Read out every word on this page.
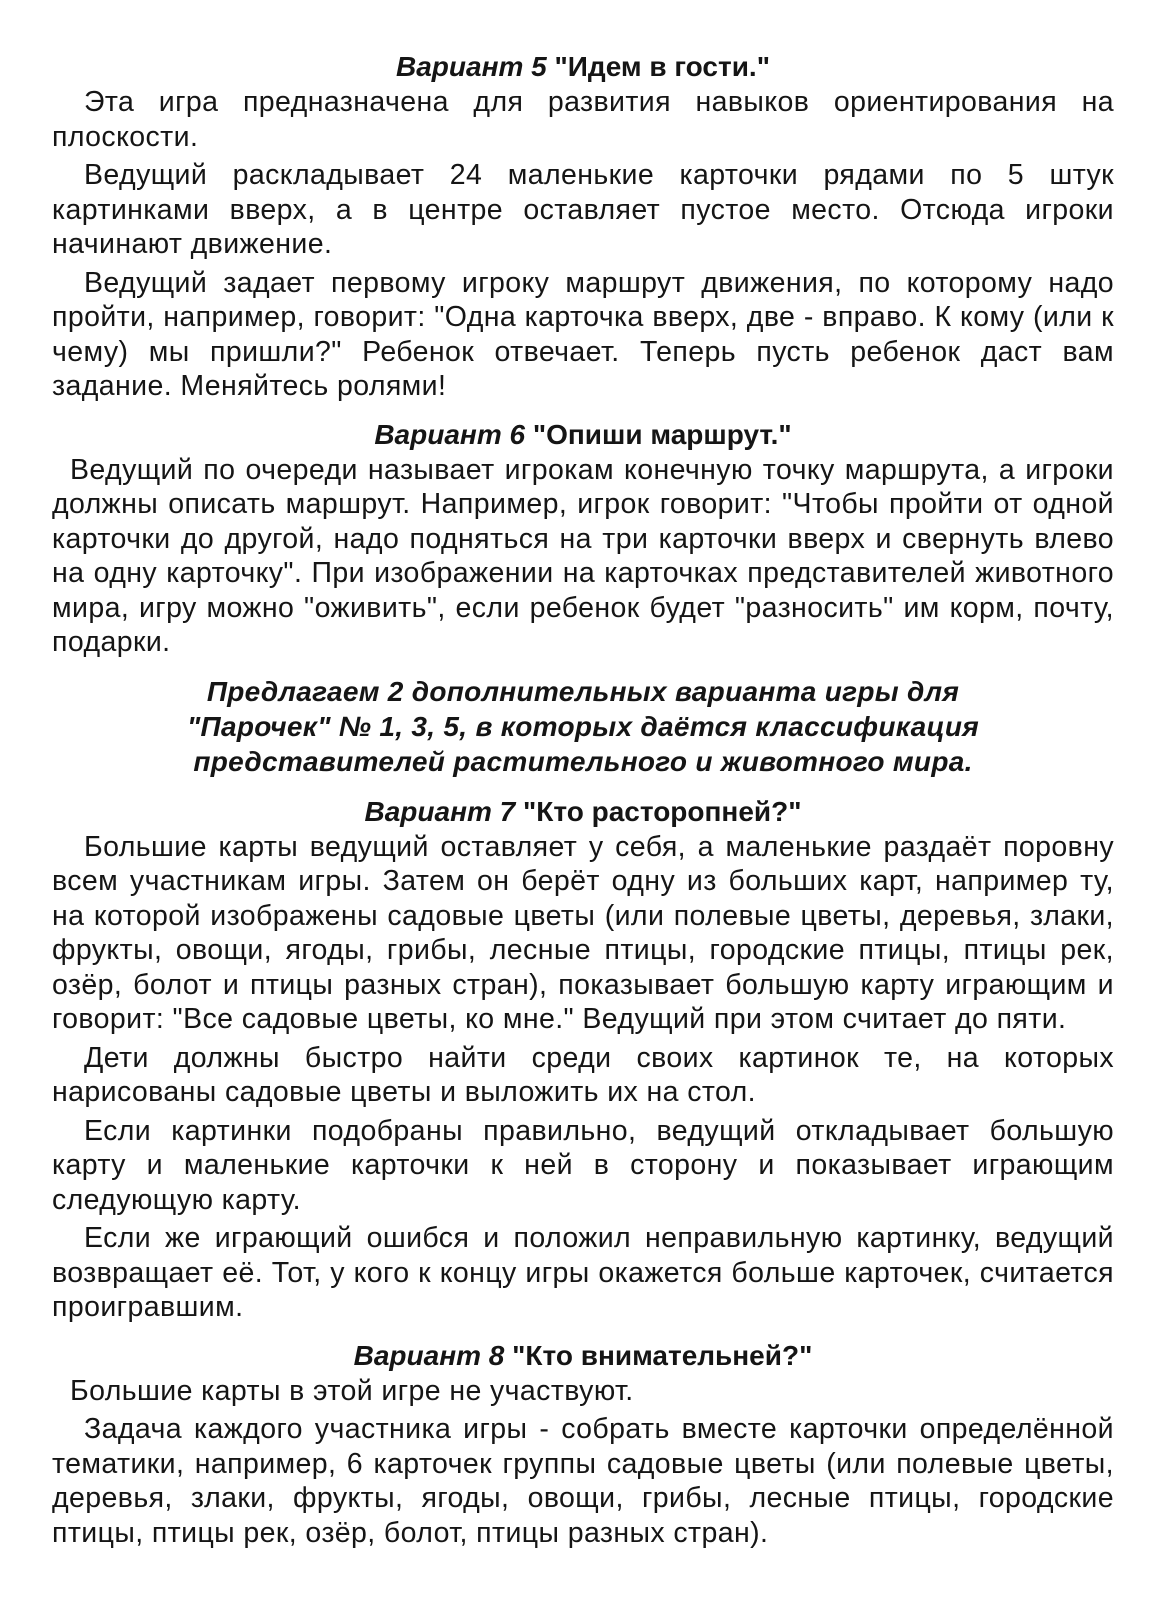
Вариант 5 "Идем в гости."

Эта игра предназначена для развития навыков ориентирования на плоскости.

Ведущий раскладывает 24 маленькие карточки рядами по 5 штук картинками вверх, а в центре оставляет пустое место. Отсюда игроки начинают движение.

Ведущий задает первому игроку маршрут движения, по которому надо пройти, например, говорит: "Одна карточка вверх, две - вправо. К кому (или к чему) мы пришли?" Ребенок отвечает. Теперь пусть ребенок даст вам задание. Меняйтесь ролями!

Вариант 6 "Опиши маршрут."

Ведущий по очереди называет игрокам конечную точку маршрута, а игроки должны описать маршрут. Например, игрок говорит: "Чтобы пройти от одной карточки до другой, надо подняться на три карточки вверх и свернуть влево на одну карточку". При изображении на карточках представителей животного мира, игру можно "оживить", если ребенок будет "разносить" им корм, почту, подарки.

Предлагаем 2 дополнительных варианта игры для
"Парочек" № 1, 3, 5, в которых даётся классификация
представителей растительного и животного мира.
Вариант 7 "Кто расторопней?"

Большие карты ведущий оставляет у себя, а маленькие раздаёт поровну всем участникам игры. Затем он берёт одну из больших карт, например ту, на которой изображены садовые цветы (или полевые цветы, деревья, злаки, фрукты, овощи, ягоды, грибы, лесные птицы, городские птицы, птицы рек, озёр, болот и птицы разных стран), показывает большую карту играющим и говорит: "Все садовые цветы, ко мне." Ведущий при этом считает до пяти.

Дети должны быстро найти среди своих картинок те, на которых нарисованы садовые цветы и выложить их на стол.

Если картинки подобраны правильно, ведущий откладывает большую карту и маленькие карточки к ней в сторону и показывает играющим следующую карту.

Если же играющий ошибся и положил неправильную картинку, ведущий возвращает её. Тот, у кого к концу игры окажется больше карточек, считается проигравшим.

Вариант 8 "Кто внимательней?"

Большие карты в этой игре не участвуют.

Задача каждого участника игры - собрать вместе карточки определённой тематики, например, 6 карточек группы садовые цветы (или полевые цветы, деревья, злаки, фрукты, ягоды, овощи, грибы, лесные птицы, городские птицы, птицы рек, озёр, болот, птицы разных стран).
